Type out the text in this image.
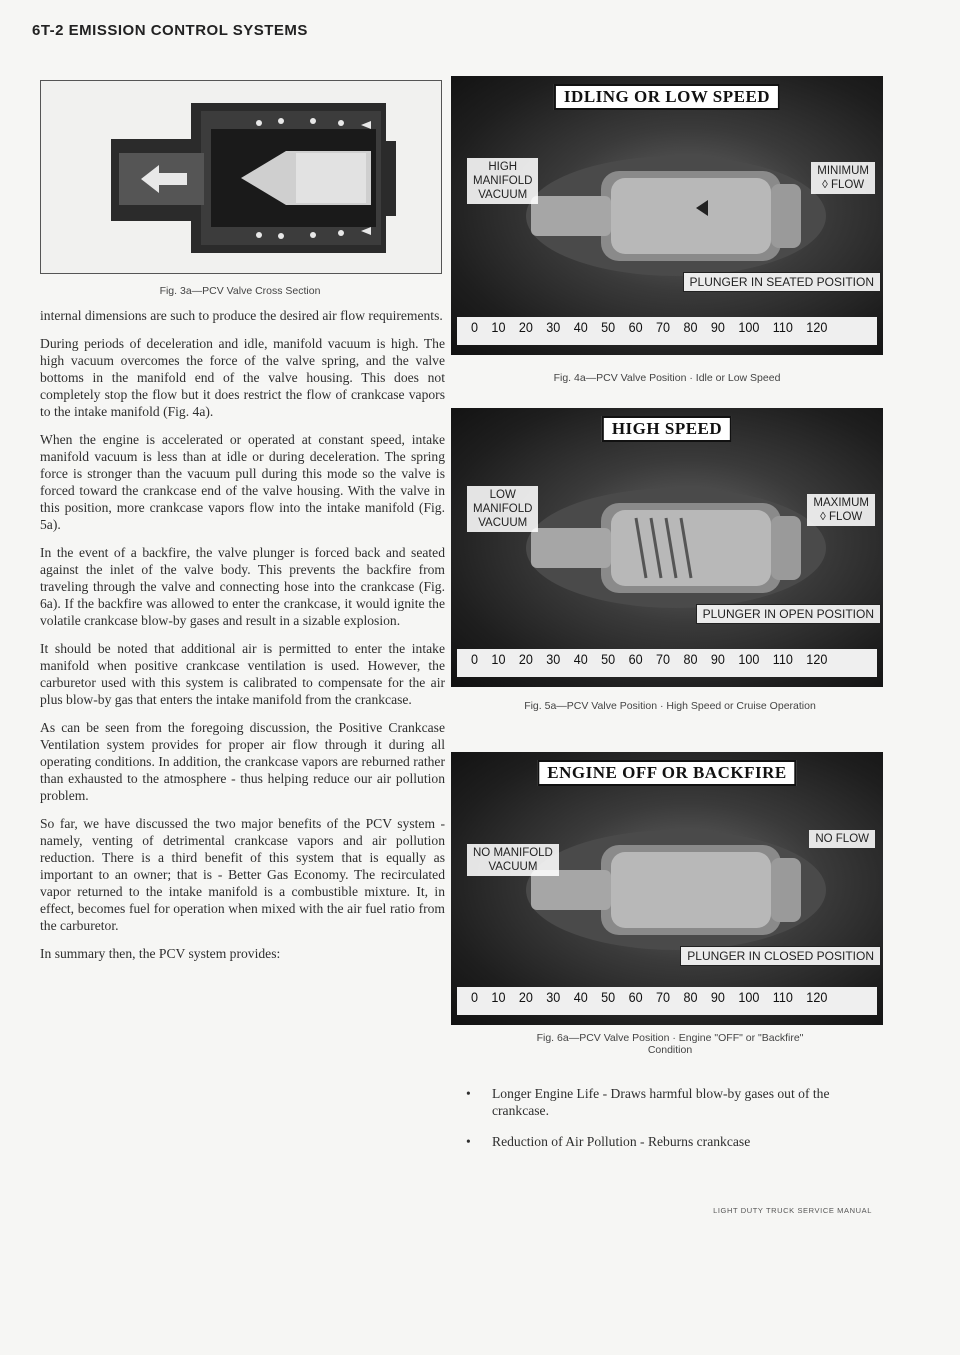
6T-2 EMISSION CONTROL SYSTEMS
Fig. 3a—PCV Valve Cross Section

internal dimensions are such to produce the desired air flow requirements.

During periods of deceleration and idle, manifold vacuum is high. The high vacuum overcomes the force of the valve spring, and the valve bottoms in the manifold end of the valve housing. This does not completely stop the flow but it does restrict the flow of crankcase vapors to the intake manifold (Fig. 4a).

When the engine is accelerated or operated at constant speed, intake manifold vacuum is less than at idle or during deceleration. The spring force is stronger than the vacuum pull during this mode so the valve is forced toward the crankcase end of the valve housing. With the valve in this position, more crankcase vapors flow into the intake manifold (Fig. 5a).

In the event of a backfire, the valve plunger is forced back and seated against the inlet of the valve body. This prevents the backfire from traveling through the valve and connecting hose into the crankcase (Fig. 6a). If the backfire was allowed to enter the crankcase, it would ignite the volatile crankcase blow-by gases and result in a sizable explosion.

It should be noted that additional air is permitted to enter the intake manifold when positive crankcase ventilation is used. However, the carburetor used with this system is calibrated to compensate for the air plus blow-by gas that enters the intake manifold from the crankcase.

As can be seen from the foregoing discussion, the Positive Crankcase Ventilation system provides for proper air flow through it during all operating conditions. In addition, the crankcase vapors are reburned rather than exhausted to the atmosphere - thus helping reduce our air pollution problem.

So far, we have discussed the two major benefits of the PCV system - namely, venting of detrimental crankcase vapors and air pollution reduction. There is a third benefit of this system that is equally as important to an owner; that is - Better Gas Economy. The recirculated vapor returned to the intake manifold is a combustible mixture. It, in effect, becomes fuel for operation when mixed with the air fuel ratio from the carburetor.

In summary then, the PCV system provides:

IDLING OR LOW SPEED
HIGH
MANIFOLD
VACUUM
MINIMUM
◊ FLOW
PLUNGER IN SEATED POSITION
0 10 20 30 40 50 60 70 80 90 100 110 120
Fig. 4a—PCV Valve Position · Idle or Low Speed
HIGH SPEED
LOW
MANIFOLD
VACUUM
MAXIMUM
◊ FLOW
PLUNGER IN OPEN POSITION
0 10 20 30 40 50 60 70 80 90 100 110 120
Fig. 5a—PCV Valve Position · High Speed or Cruise Operation
ENGINE OFF OR BACKFIRE
NO MANIFOLD
VACUUM
NO FLOW
PLUNGER IN CLOSED POSITION
0 10 20 30 40 50 60 70 80 90 100 110 120
Fig. 6a—PCV Valve Position · Engine "OFF" or "Backfire" Condition
• Longer Engine Life - Draws harmful blow-by gases out of the crankcase.
• Reduction of Air Pollution - Reburns crankcase
LIGHT DUTY TRUCK SERVICE MANUAL
